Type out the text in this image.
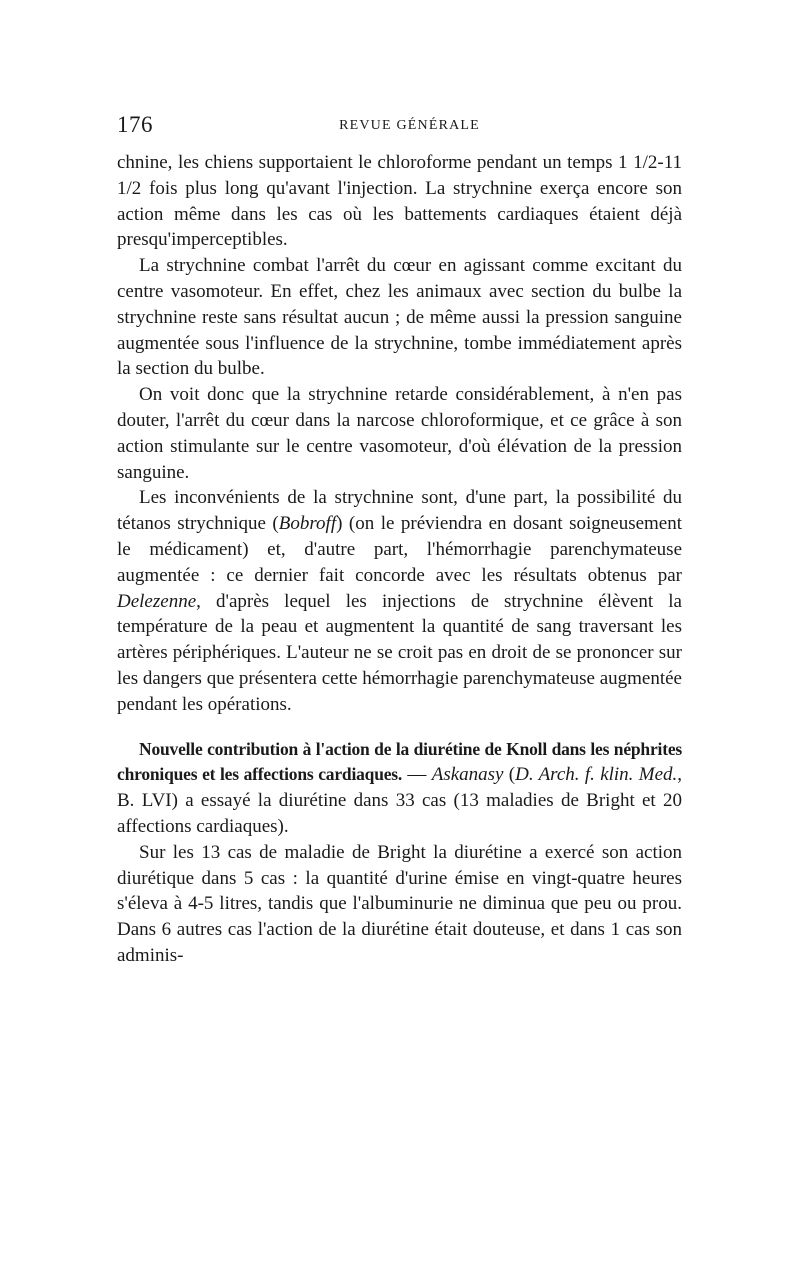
176	REVUE GÉNÉRALE

chnine, les chiens supportaient le chloroforme pendant un temps 1 1/2-11 1/2 fois plus long qu'avant l'injection. La strychnine exerça encore son action même dans les cas où les battements cardiaques étaient déjà presqu'imperceptibles.

La strychnine combat l'arrêt du cœur en agissant comme excitant du centre vasomoteur. En effet, chez les animaux avec section du bulbe la strychnine reste sans résultat aucun ; de même aussi la pression sanguine augmentée sous l'influence de la strychnine, tombe immédiatement après la section du bulbe.

On voit donc que la strychnine retarde considérablement, à n'en pas douter, l'arrêt du cœur dans la narcose chloroformique, et ce grâce à son action stimulante sur le centre vasomoteur, d'où élévation de la pression sanguine.

Les inconvénients de la strychnine sont, d'une part, la possibilité du tétanos strychnique (Bobroff) (on le préviendra en dosant soigneusement le médicament) et, d'autre part, l'hémorrhagie parenchymateuse augmentée : ce dernier fait concorde avec les résultats obtenus par Delezenne, d'après lequel les injections de strychnine élèvent la température de la peau et augmentent la quantité de sang traversant les artères périphériques. L'auteur ne se croit pas en droit de se prononcer sur les dangers que présentera cette hémorrhagie parenchymateuse augmentée pendant les opérations.

Nouvelle contribution à l'action de la diurétine de Knoll dans les néphrites chroniques et les affections cardiaques. — Askanasy (D. Arch. f. klin. Med., B. LVI) a essayé la diurétine dans 33 cas (13 maladies de Bright et 20 affections cardiaques).

Sur les 13 cas de maladie de Bright la diurétine a exercé son action diurétique dans 5 cas : la quantité d'urine émise en vingt-quatre heures s'éleva à 4-5 litres, tandis que l'albuminurie ne diminua que peu ou prou. Dans 6 autres cas l'action de la diurétine était douteuse, et dans 1 cas son adminis-
